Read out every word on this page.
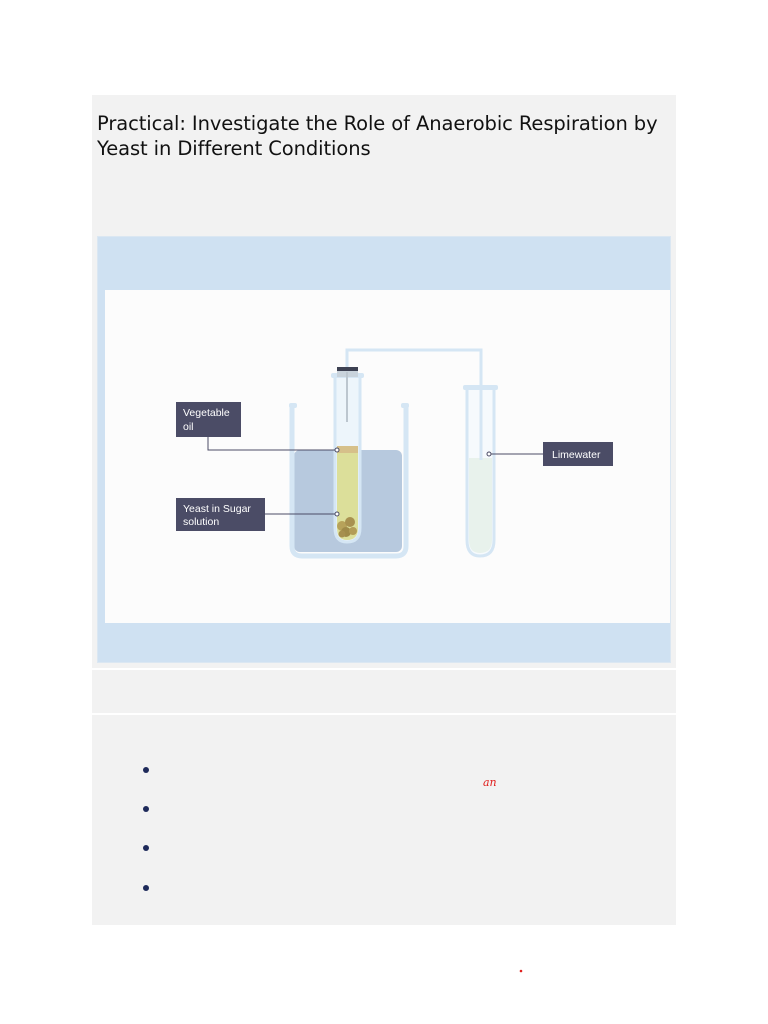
Practical: Investigate the Role of Anaerobic Respiration by Yeast in Different Conditions
Vegetable
oil
Yeast in Sugar
solution
Limewater
an
